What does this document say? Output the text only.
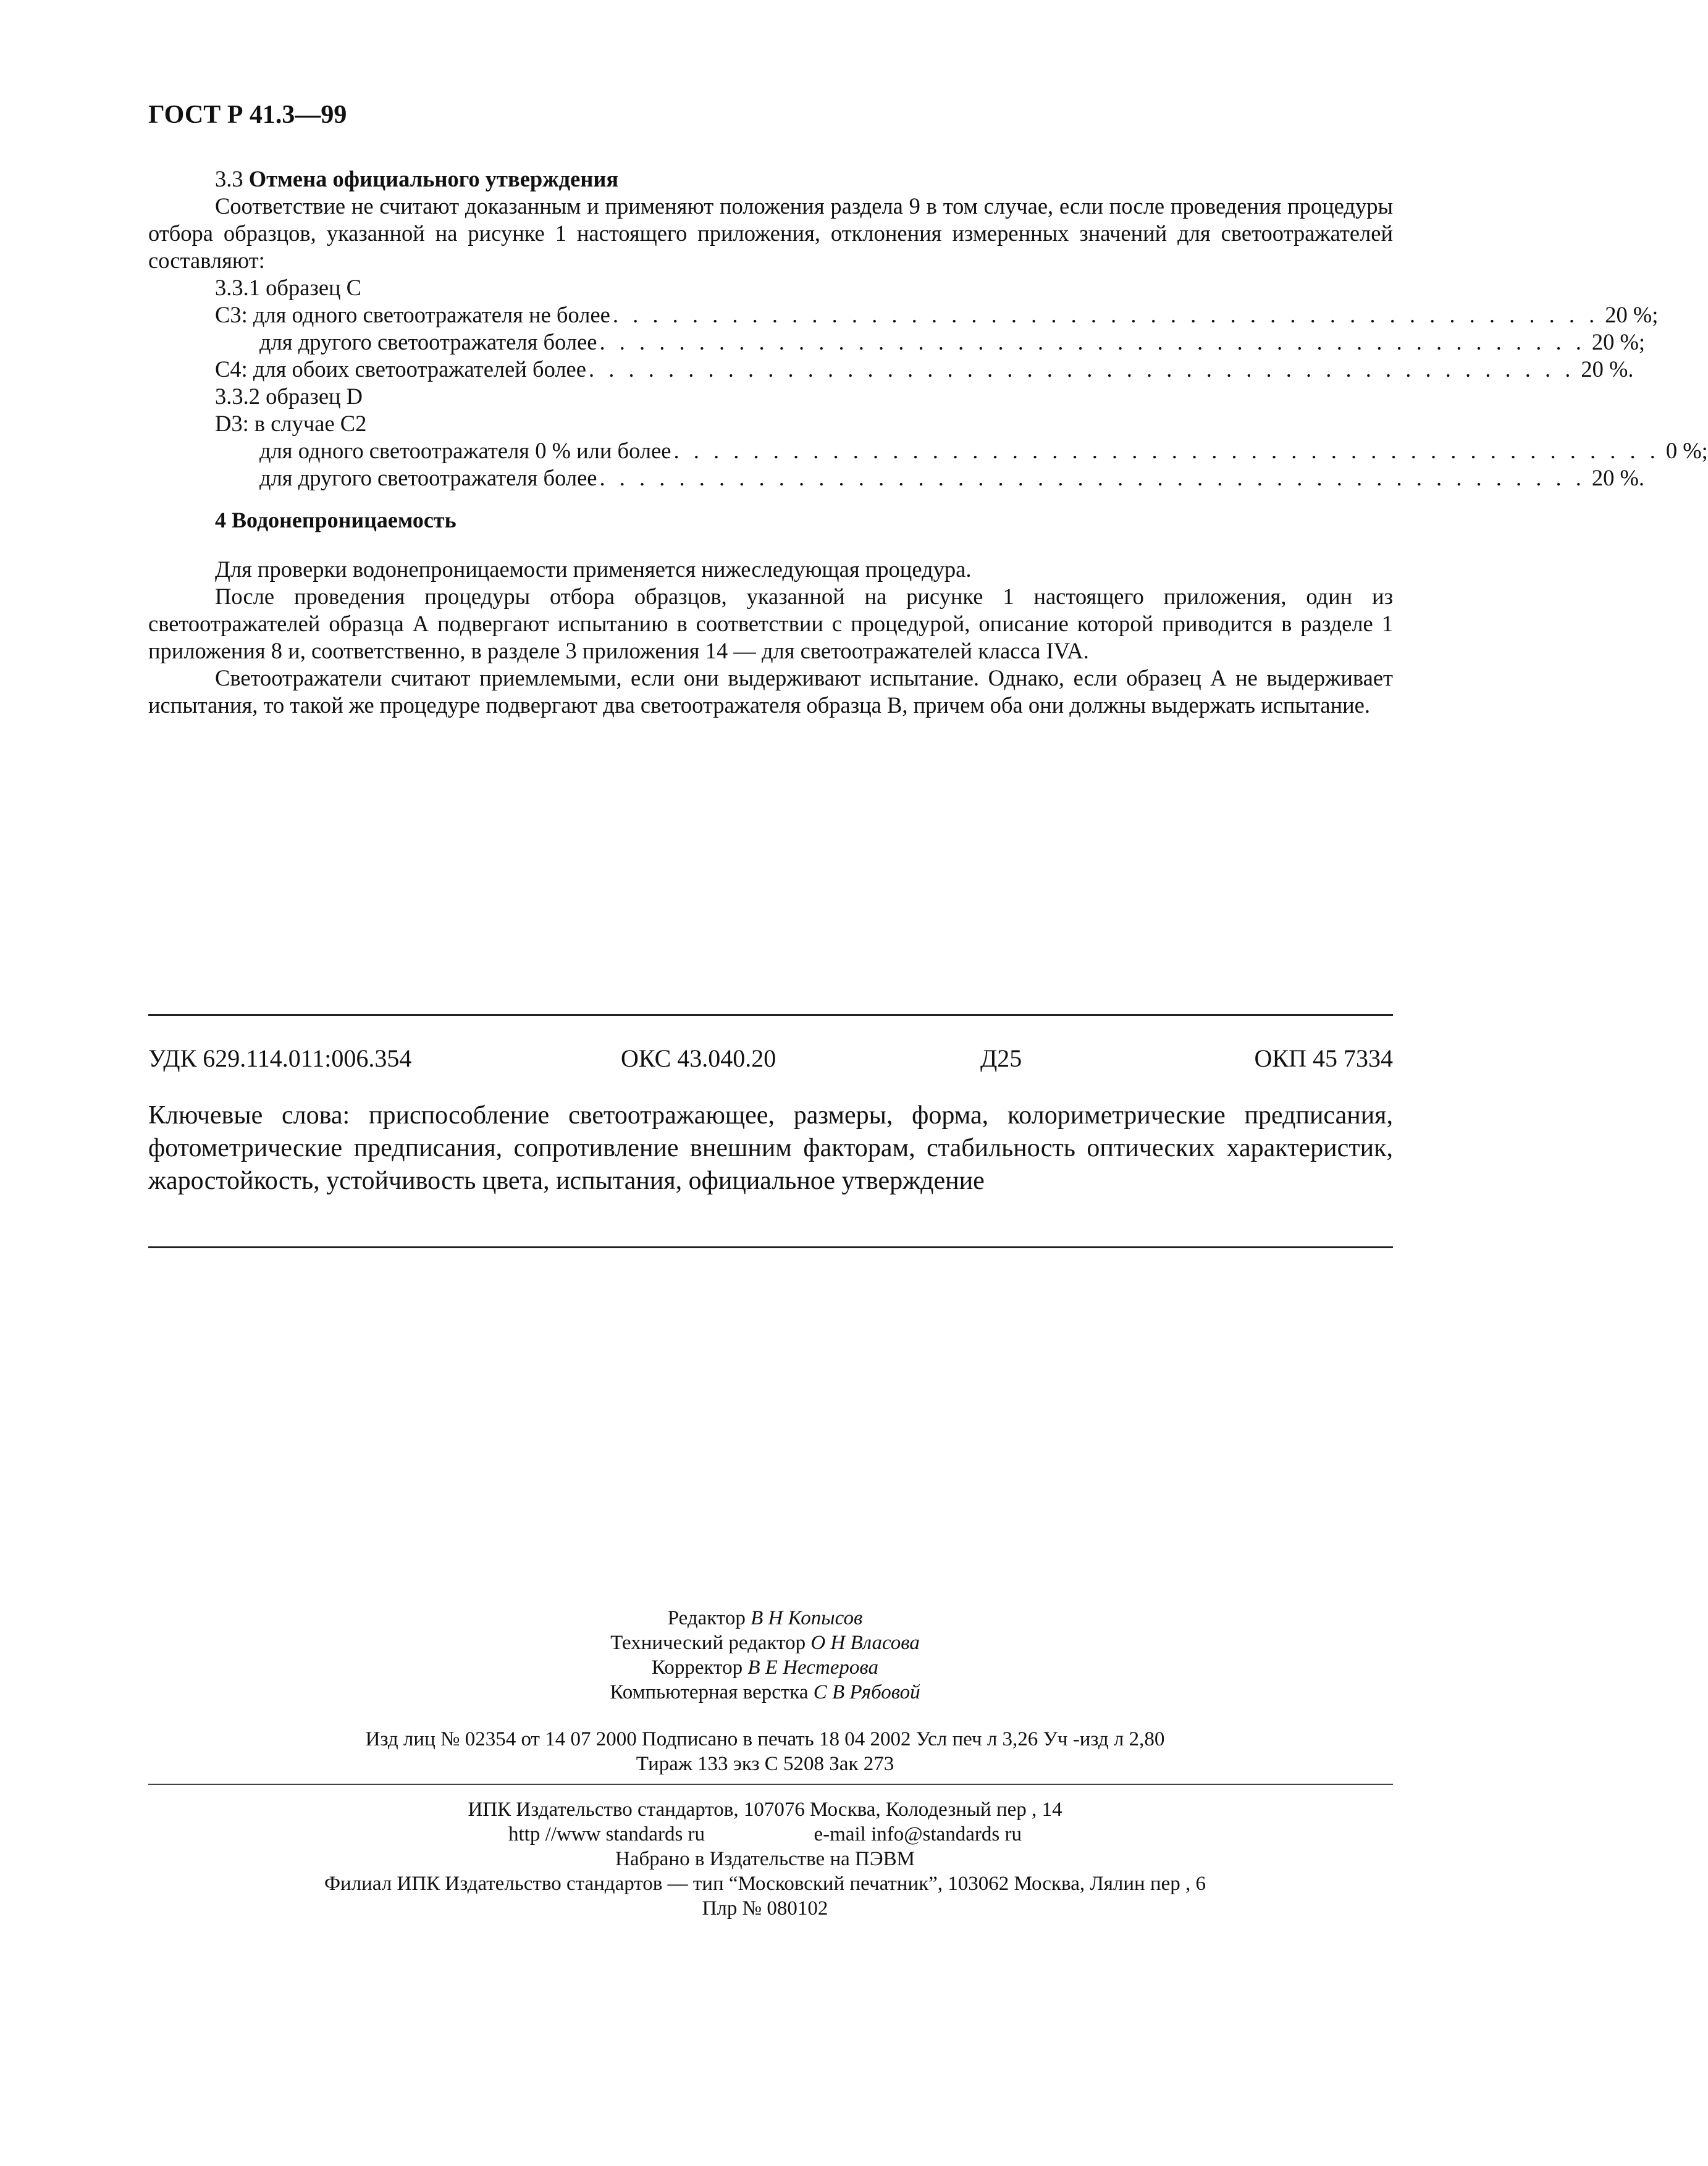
ГОСТ Р 41.3—99

3.3 Отмена официального утверждения

Соответствие не считают доказанным и применяют положения раздела 9 в том случае, если после проведения процедуры отбора образцов, указанной на рисунке 1 настоящего приложения, отклонения измеренных значений для светоотражателей составляют:

3.3.1 образец С

С3: для одного светоотражателя не более . . . . . . . . . . . . . . . . . . . . . . . . . . . . . . . . . . . . . . . . . . . . . . . . . . 20 %;
для другого светоотражателя более . . . . . . . . . . . . . . . . . . . . . . . . . . . . . . . . . . . . . . . . . . . . . . . . . . 20 %;
С4: для обоих светоотражателей более . . . . . . . . . . . . . . . . . . . . . . . . . . . . . . . . . . . . . . . . . . . . . . . . . . 20 %.

3.3.2 образец D

D3: в случае С2

для одного светоотражателя 0 % или более . . . . . . . . . . . . . . . . . . . . . . . . . . . . . . . . . . . . . . . . . . . . . . . . . . 0 %;
для другого светоотражателя более . . . . . . . . . . . . . . . . . . . . . . . . . . . . . . . . . . . . . . . . . . . . . . . . . . 20 %.
4 Водонепроницаемость

Для проверки водонепроницаемости применяется нижеследующая процедура.

После проведения процедуры отбора образцов, указанной на рисунке 1 настоящего приложения, один из светоотражателей образца А подвергают испытанию в соответствии с процедурой, описание которой приводится в разделе 1 приложения 8 и, соответственно, в разделе 3 приложения 14 — для светоотражателей класса IVA.

Светоотражатели считают приемлемыми, если они выдерживают испытание. Однако, если образец А не выдерживает испытания, то такой же процедуре подвергают два светоотражателя образца В, причем оба они должны выдержать испытание.

УДК 629.114.011:006.354	ОКС 43.040.20	Д25	ОКП 45 7334
Ключевые слова: приспособление светоотражающее, размеры, форма, колориметрические предписания, фотометрические предписания, сопротивление внешним факторам, стабильность оптических характеристик, жаростойкость, устойчивость цвета, испытания, официальное утверждение
Редактор В Н Копысов
Технический редактор О Н Власова
Корректор В Е Нестерова
Компьютерная верстка С В Рябовой
Изд лиц № 02354 от 14 07 2000 Подписано в печать 18 04 2002 Усл печ л 3,26 Уч -изд л 2,80
Тираж 133 экз С 5208 Зак 273
ИПК Издательство стандартов, 107076 Москва, Колодезный пер , 14
http //www standards ru	e-mail info@standards ru
Набрано в Издательстве на ПЭВМ
Филиал ИПК Издательство стандартов — тип “Московский печатник”, 103062 Москва, Лялин пер , 6
Плр № 080102
